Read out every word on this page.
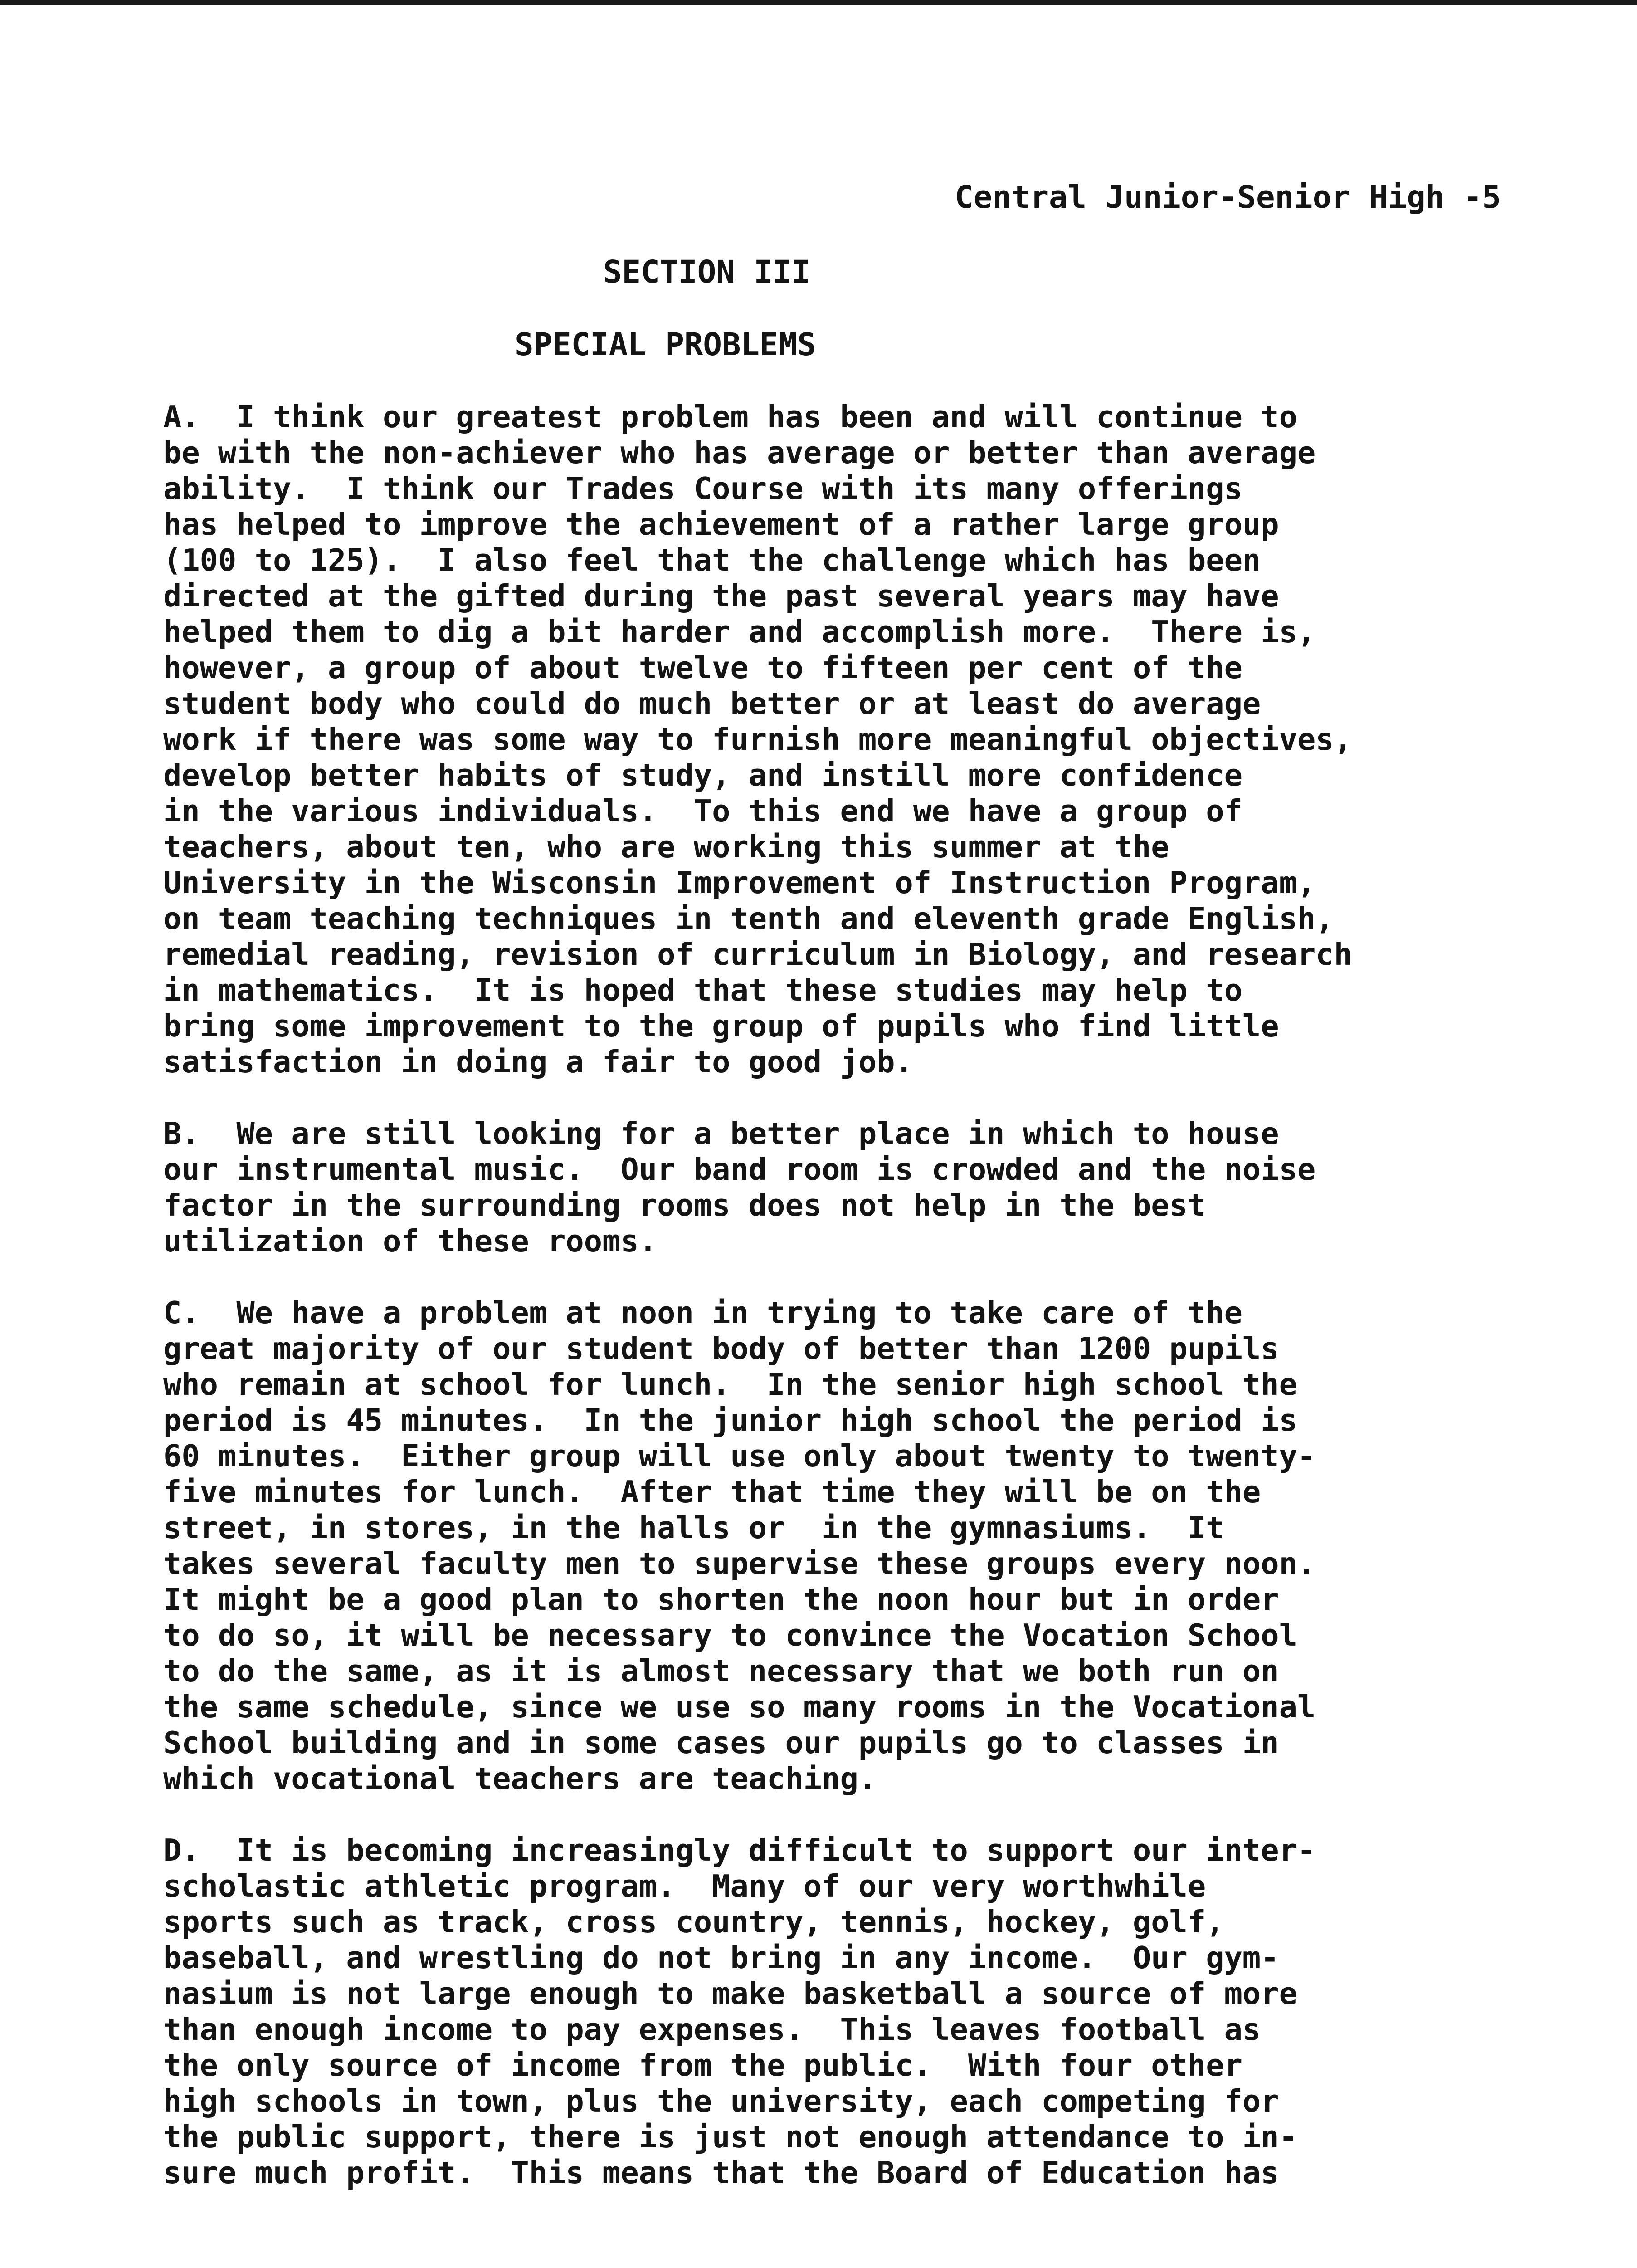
Central Junior-Senior High -5
SECTION III
SPECIAL PROBLEMS
A.  I think our greatest problem has been and will continue to
be with the non-achiever who has average or better than average
ability.  I think our Trades Course with its many offerings
has helped to improve the achievement of a rather large group
(100 to 125).  I also feel that the challenge which has been
directed at the gifted during the past several years may have
helped them to dig a bit harder and accomplish more.  There is,
however, a group of about twelve to fifteen per cent of the
student body who could do much better or at least do average
work if there was some way to furnish more meaningful objectives,
develop better habits of study, and instill more confidence
in the various individuals.  To this end we have a group of
teachers, about ten, who are working this summer at the
University in the Wisconsin Improvement of Instruction Program,
on team teaching techniques in tenth and eleventh grade English,
remedial reading, revision of curriculum in Biology, and research
in mathematics.  It is hoped that these studies may help to
bring some improvement to the group of pupils who find little
satisfaction in doing a fair to good job.
B.  We are still looking for a better place in which to house
our instrumental music.  Our band room is crowded and the noise
factor in the surrounding rooms does not help in the best
utilization of these rooms.
C.  We have a problem at noon in trying to take care of the
great majority of our student body of better than 1200 pupils
who remain at school for lunch.  In the senior high school the
period is 45 minutes.  In the junior high school the period is
60 minutes.  Either group will use only about twenty to twenty-
five minutes for lunch.  After that time they will be on the
street, in stores, in the halls or  in the gymnasiums.  It
takes several faculty men to supervise these groups every noon.
It might be a good plan to shorten the noon hour but in order
to do so, it will be necessary to convince the Vocation School
to do the same, as it is almost necessary that we both run on
the same schedule, since we use so many rooms in the Vocational
School building and in some cases our pupils go to classes in
which vocational teachers are teaching.
D.  It is becoming increasingly difficult to support our inter-
scholastic athletic program.  Many of our very worthwhile
sports such as track, cross country, tennis, hockey, golf,
baseball, and wrestling do not bring in any income.  Our gym-
nasium is not large enough to make basketball a source of more
than enough income to pay expenses.  This leaves football as
the only source of income from the public.  With four other
high schools in town, plus the university, each competing for
the public support, there is just not enough attendance to in-
sure much profit.  This means that the Board of Education has
